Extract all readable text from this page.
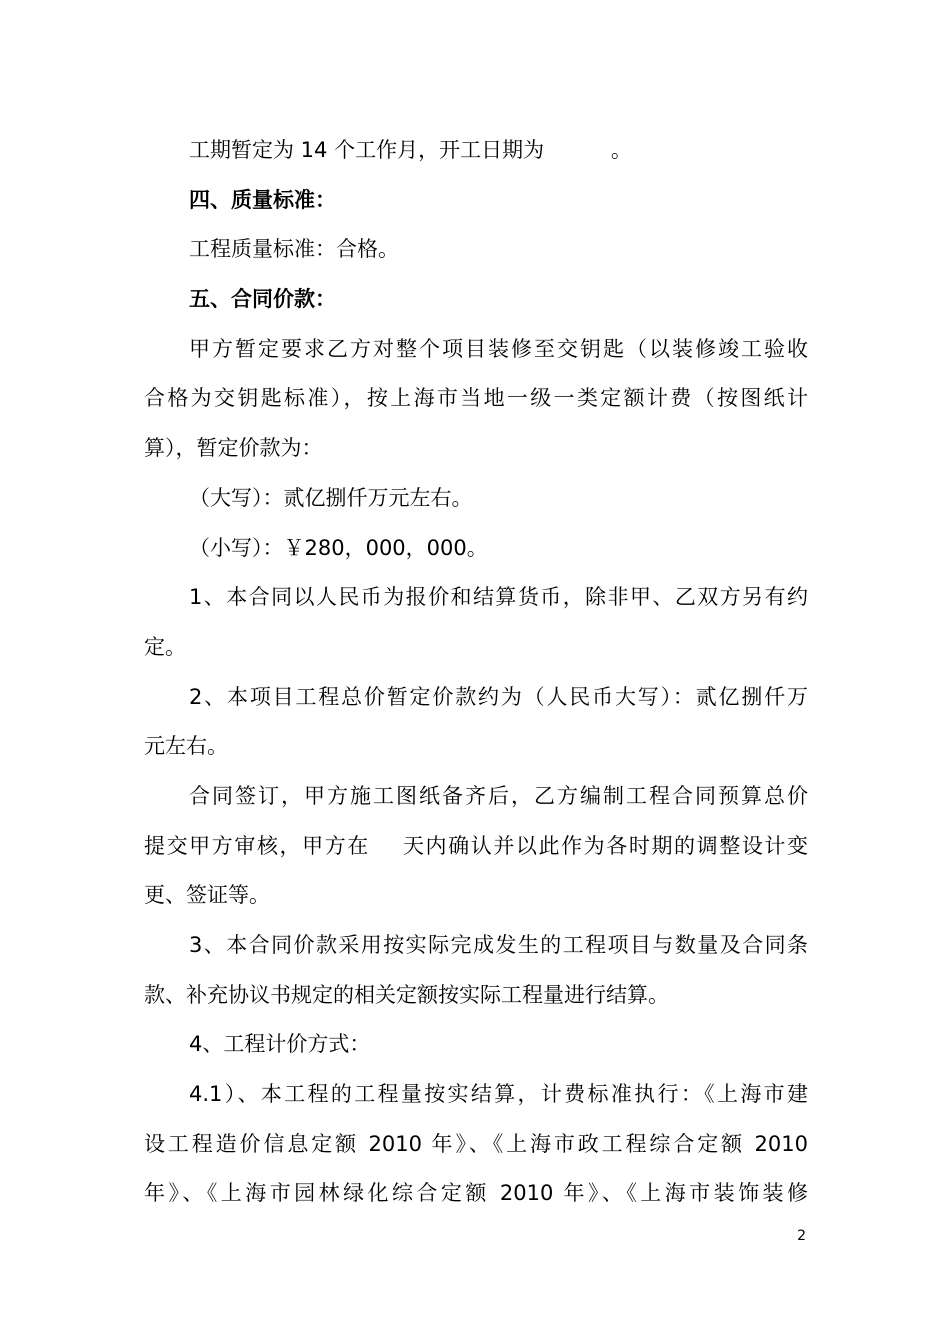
工期暂定为 14 个工作月，开工日期为          。
四、质量标准：
工程质量标准：合格。
五、合同价款：
甲方暂定要求乙方对整个项目装修至交钥匙（以装修竣工验收
合格为交钥匙标准），按上海市当地一级一类定额计费（按图纸计
算），暂定价款为：
（大写）：贰亿捌仟万元左右。
（小写）：￥280，000，000。
1、本合同以人民币为报价和结算货币，除非甲、乙双方另有约
定。
2、本项目工程总价暂定价款约为（人民币大写）：贰亿捌仟万
元左右。
合同签订，甲方施工图纸备齐后，乙方编制工程合同预算总价
提交甲方审核，甲方在    天内确认并以此作为各时期的调整设计变
更、签证等。
3、本合同价款采用按实际完成发生的工程项目与数量及合同条
款、补充协议书规定的相关定额按实际工程量进行结算。
4、工程计价方式：
4.1）、本工程的工程量按实结算，计费标准执行：《上海市建
设工程造价信息定额 2010 年》、《上海市政工程综合定额 2010
年》、《上海市园林绿化综合定额 2010 年》、《上海市装饰装修
2
